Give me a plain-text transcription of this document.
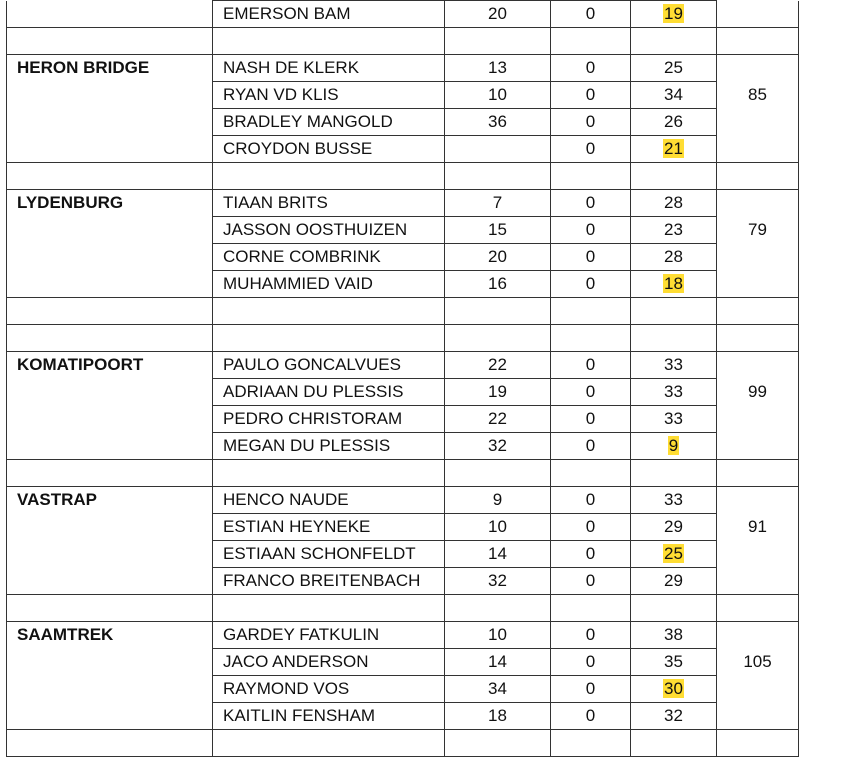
	EMERSON BAM	20	0	19	

HERON BRIDGE	NASH DE KLERK	13	0	25	
	RYAN VD KLIS	10	0	34	85
	BRADLEY MANGOLD	36	0	26	
	CROYDON BUSSE		0	21	

LYDENBURG	TIAAN BRITS	7	0	28	
	JASSON OOSTHUIZEN	15	0	23	79
	CORNE COMBRINK	20	0	28	
	MUHAMMIED VAID	16	0	18	

KOMATIPOORT	PAULO GONCALVUES	22	0	33	
	ADRIAAN DU PLESSIS	19	0	33	99
	PEDRO CHRISTORAM	22	0	33	
	MEGAN DU PLESSIS	32	0	9	

VASTRAP	HENCO NAUDE	9	0	33	
	ESTIAN HEYNEKE	10	0	29	91
	ESTIAAN SCHONFELDT	14	0	25	
	FRANCO BREITENBACH	32	0	29	

SAAMTREK	GARDEY FATKULIN	10	0	38	
	JACO ANDERSON	14	0	35	105
	RAYMOND VOS	34	0	30	
	KAITLIN FENSHAM	18	0	32	
